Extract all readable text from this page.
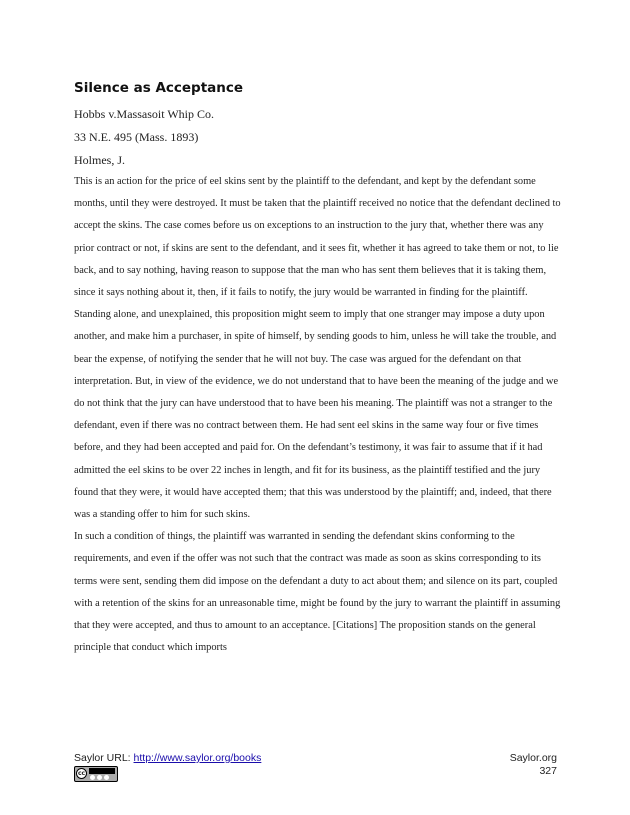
Silence as Acceptance
Hobbs v.Massasoit Whip Co.
33 N.E. 495 (Mass. 1893)
Holmes, J.

This is an action for the price of eel skins sent by the plaintiff to the defendant, and kept by the defendant some months, until they were destroyed. It must be taken that the plaintiff received no notice that the defendant declined to accept the skins. The case comes before us on exceptions to an instruction to the jury that, whether there was any prior contract or not, if skins are sent to the defendant, and it sees fit, whether it has agreed to take them or not, to lie back, and to say nothing, having reason to suppose that the man who has sent them believes that it is taking them, since it says nothing about it, then, if it fails to notify, the jury would be warranted in finding for the plaintiff.

Standing alone, and unexplained, this proposition might seem to imply that one stranger may impose a duty upon another, and make him a purchaser, in spite of himself, by sending goods to him, unless he will take the trouble, and bear the expense, of notifying the sender that he will not buy. The case was argued for the defendant on that interpretation. But, in view of the evidence, we do not understand that to have been the meaning of the judge and we do not think that the jury can have understood that to have been his meaning. The plaintiff was not a stranger to the defendant, even if there was no contract between them. He had sent eel skins in the same way four or five times before, and they had been accepted and paid for. On the defendant’s testimony, it was fair to assume that if it had admitted the eel skins to be over 22 inches in length, and fit for its business, as the plaintiff testified and the jury found that they were, it would have accepted them; that this was understood by the plaintiff; and, indeed, that there was a standing offer to him for such skins.

In such a condition of things, the plaintiff was warranted in sending the defendant skins conforming to the requirements, and even if the offer was not such that the contract was made as soon as skins corresponding to its terms were sent, sending them did impose on the defendant a duty to act about them; and silence on its part, coupled with a retention of the skins for an unreasonable time, might be found by the jury to warrant the plaintiff in assuming that they were accepted, and thus to amount to an acceptance. [Citations] The proposition stands on the general principle that conduct which imports

Saylor URL: http://www.saylor.org/books
cc
Saylor.org
327
